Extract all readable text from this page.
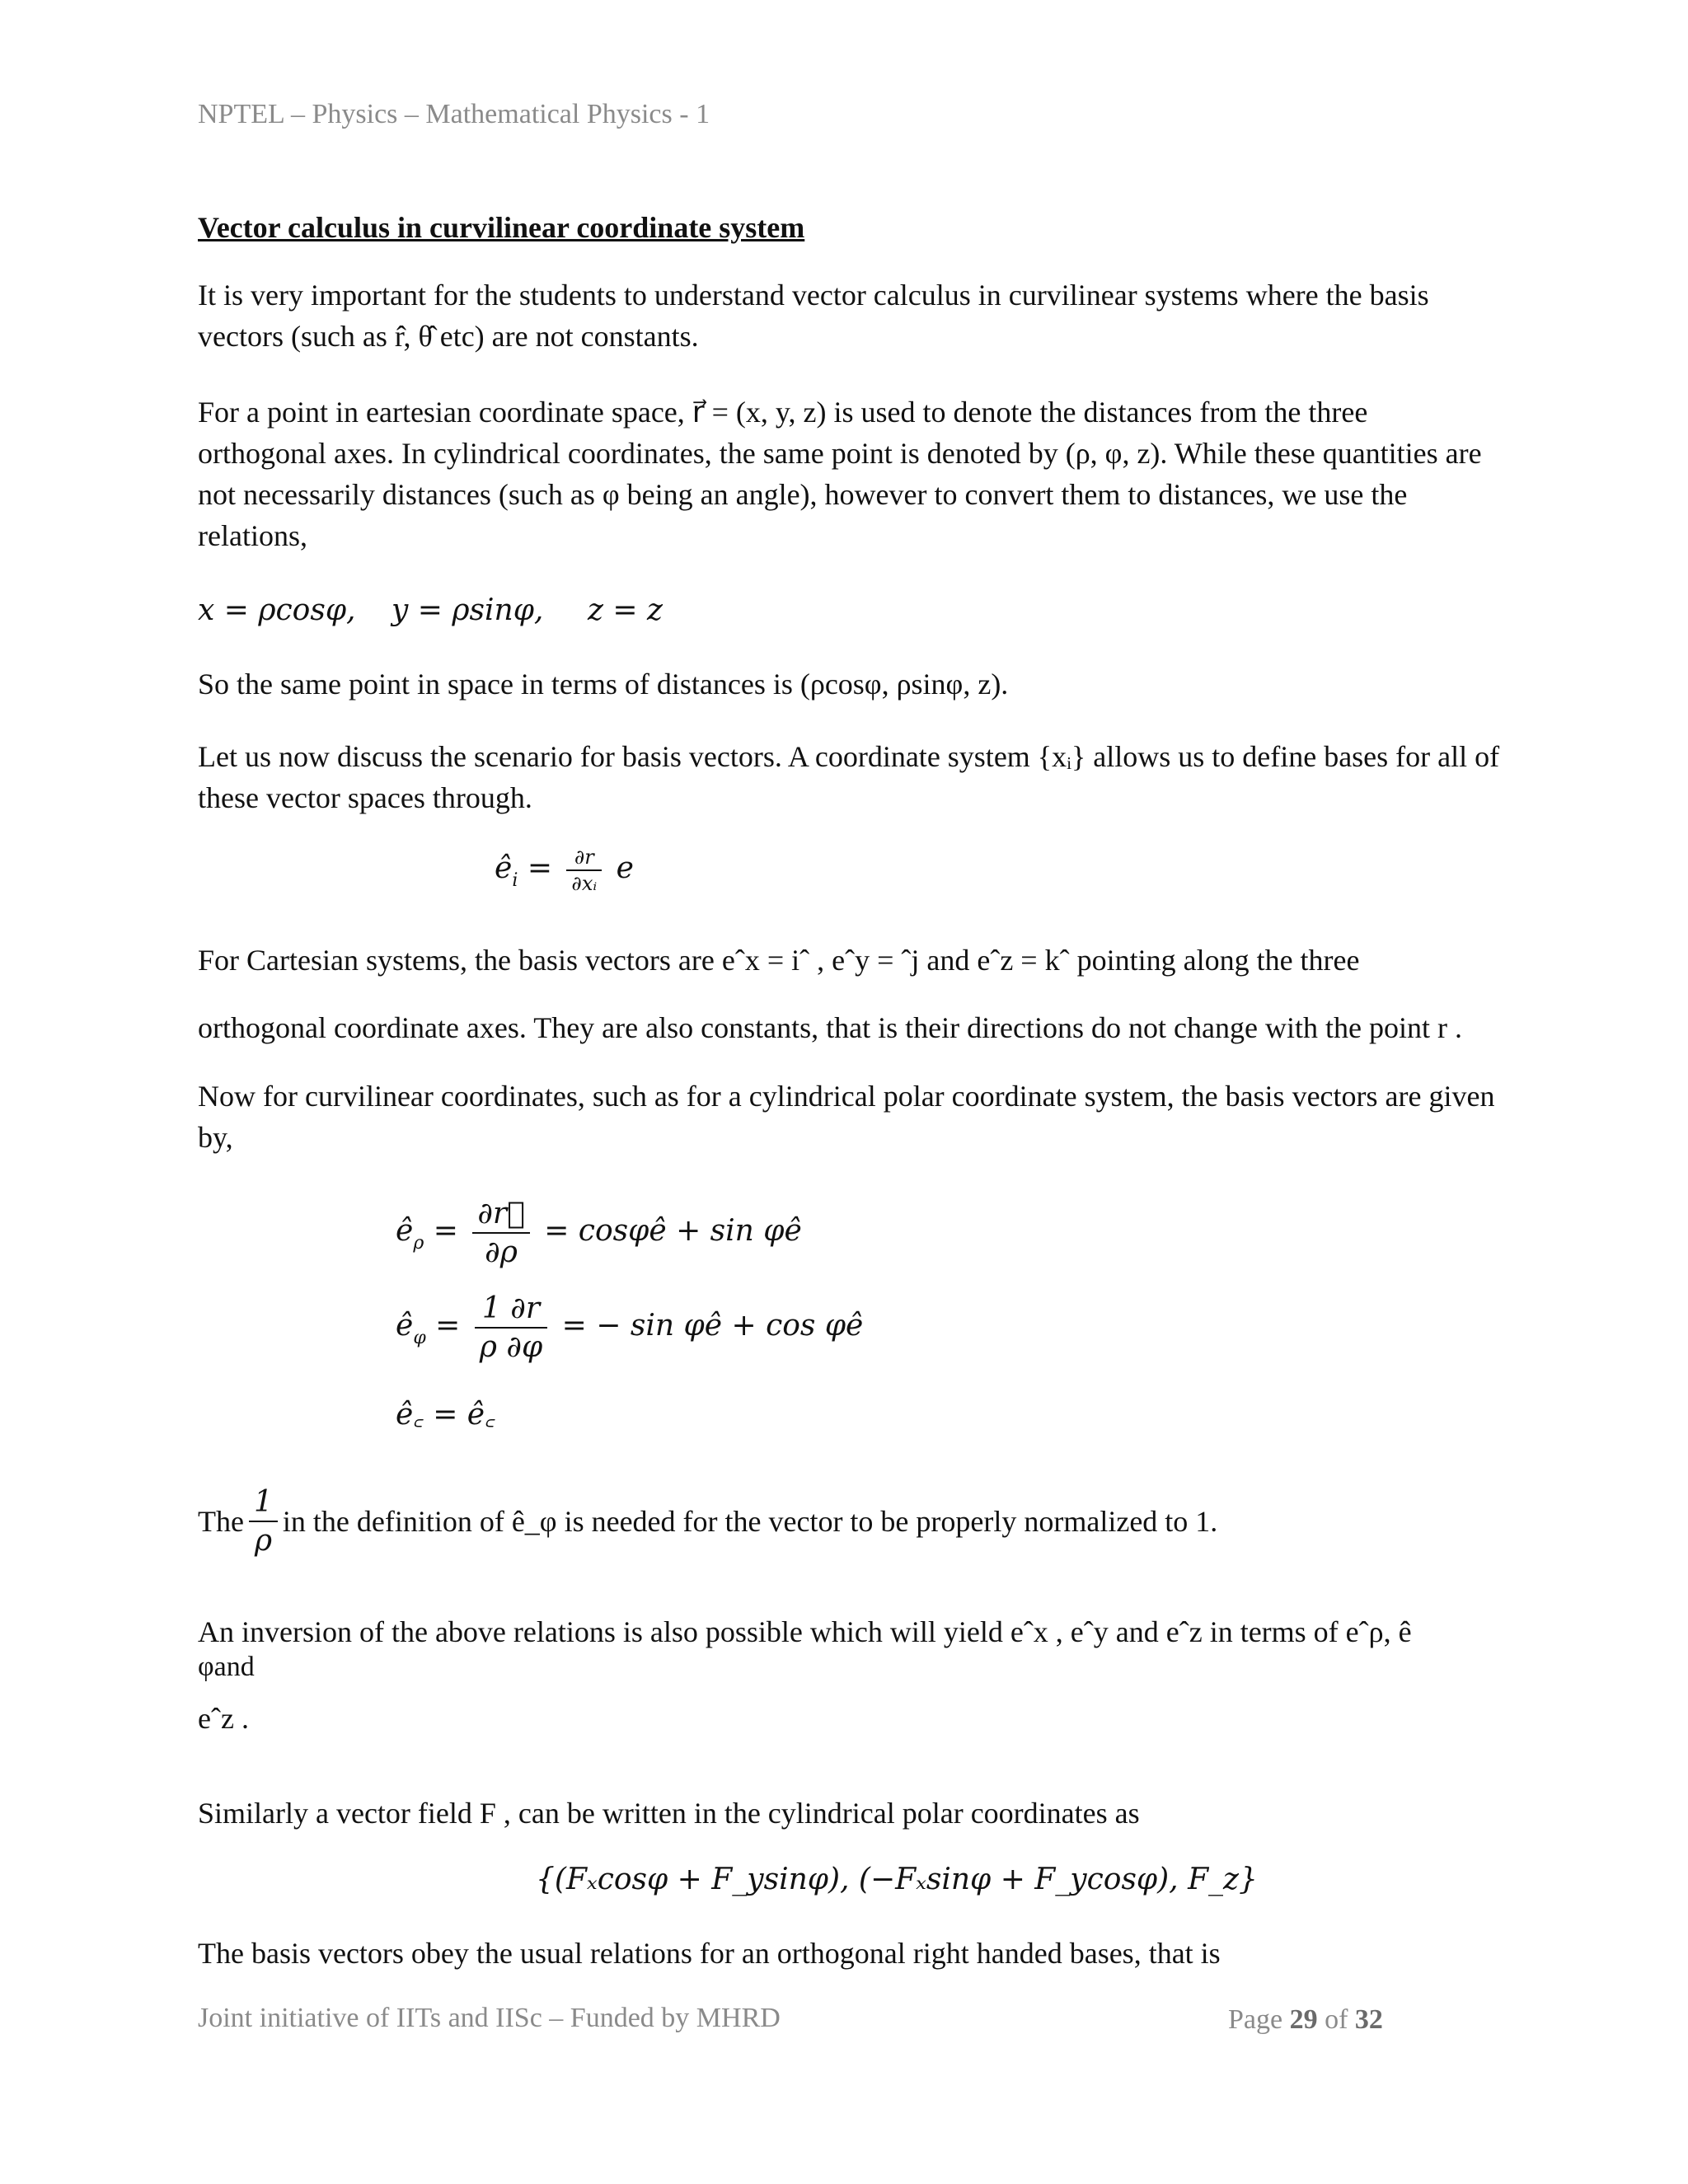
NPTEL – Physics – Mathematical Physics - 1
Vector calculus in curvilinear coordinate system
It is very important for the students to understand vector calculus in curvilinear systems where the basis vectors (such as r̂, θ̂ etc) are not constants.
For a point in eartesian coordinate space, r⃗ = (x, y, z) is used to denote the distances from the three orthogonal axes. In cylindrical coordinates, the same point is denoted by (ρ, φ, z). While these quantities are not necessarily distances (such as φ being an angle), however to convert them to distances, we use the relations,
x = ρcosφ, y = ρsinφ, z = z
So the same point in space in terms of distances is (ρcosφ, ρsinφ, z).
Let us now discuss the scenario for basis vectors. A coordinate system {xᵢ} allows us to define bases for all of these vector spaces through.
$ê_i = \frac{\partial r}{\text{∂xᵢ}}$ e
For Cartesian systems, the basis vectors are eˆx = iˆ , eˆy = ˆj and eˆz = kˆ pointing along the three
orthogonal coordinate axes. They are also constants, that is their directions do not change with the point r .
Now for curvilinear coordinates, such as for a cylindrical polar coordinate system, the basis vectors are given by,
$ê_\rho = \frac{\partial r⃗}{\partial\rho}$ = cosφê + sin φê
$ê_\varphi = \frac{1 \partial r}{\rho \partial\varphi}$ = − sin φê + cos φê
ê꜀ = ê꜀
The $\frac{1}{\rho}$ in the definition of ê_φ is needed for the vector to be properly normalized to 1.
An inversion of the above relations is also possible which will yield eˆx , eˆy and eˆz in terms of eˆρ, ê
φand
eˆz .
Similarly a vector field F , can be written in the cylindrical polar coordinates as
{(Fₓcosφ + F_ysinφ), (−Fₓsinφ + F_ycosφ), F_z}
The basis vectors obey the usual relations for an orthogonal right handed bases, that is
Joint initiative of IITs and IISc – Funded by MHRD	Page 29 of 32
